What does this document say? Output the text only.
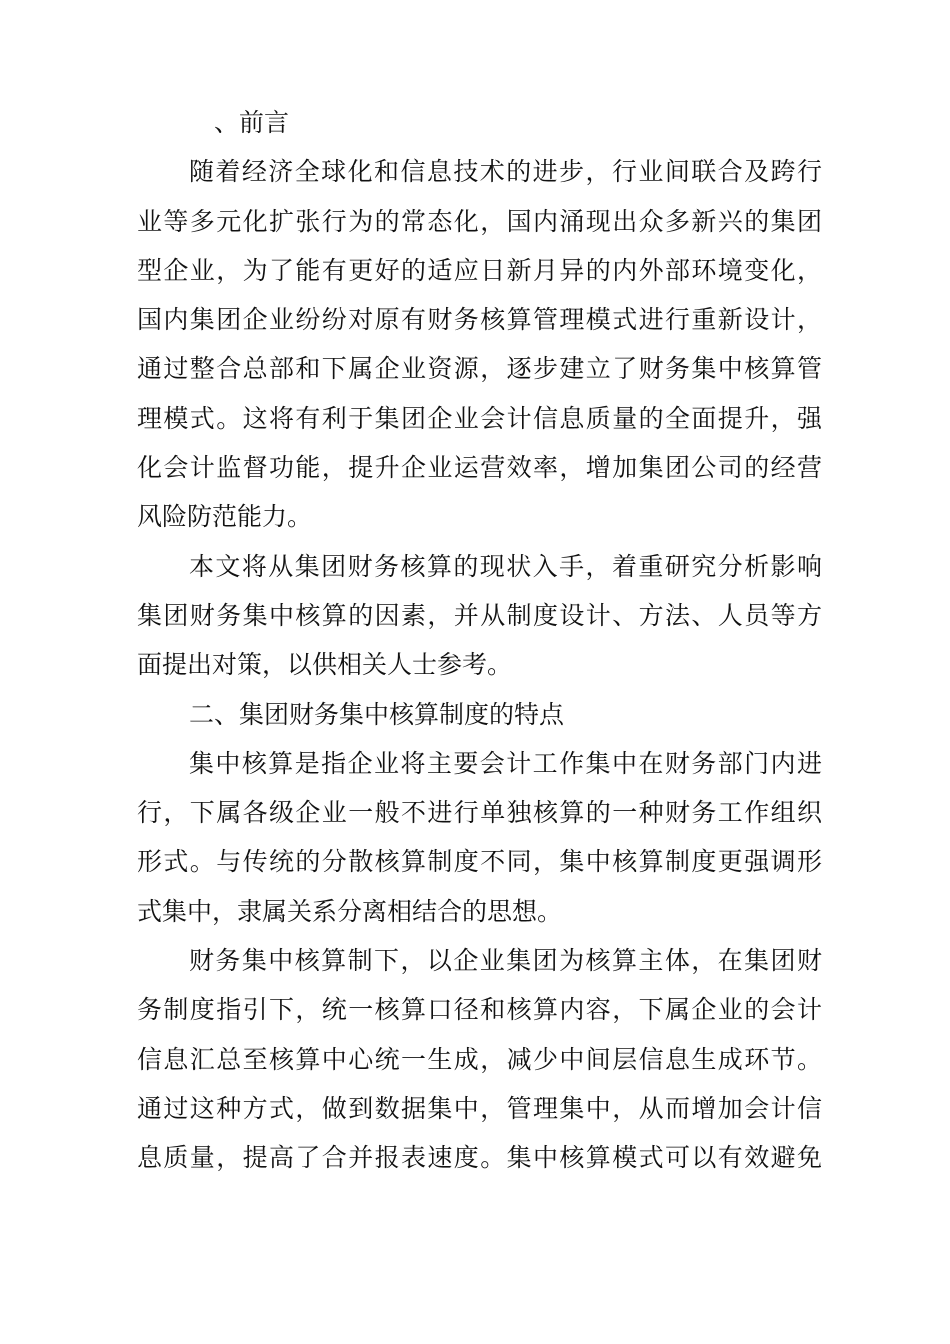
、前言
随着经济全球化和信息技术的进步，行业间联合及跨行
业等多元化扩张行为的常态化，国内涌现出众多新兴的集团
型企业，为了能有更好的适应日新月异的内外部环境变化，
国内集团企业纷纷对原有财务核算管理模式进行重新设计，
通过整合总部和下属企业资源，逐步建立了财务集中核算管
理模式。这将有利于集团企业会计信息质量的全面提升，强
化会计监督功能，提升企业运营效率，增加集团公司的经营
风险防范能力。
本文将从集团财务核算的现状入手，着重研究分析影响
集团财务集中核算的因素，并从制度设计、方法、人员等方
面提出对策，以供相关人士参考。
二、集团财务集中核算制度的特点
集中核算是指企业将主要会计工作集中在财务部门内进
行，下属各级企业一般不进行单独核算的一种财务工作组织
形式。与传统的分散核算制度不同，集中核算制度更强调形
式集中，隶属关系分离相结合的思想。
财务集中核算制下，以企业集团为核算主体，在集团财
务制度指引下，统一核算口径和核算内容，下属企业的会计
信息汇总至核算中心统一生成，减少中间层信息生成环节。
通过这种方式，做到数据集中，管理集中，从而增加会计信
息质量，提高了合并报表速度。集中核算模式可以有效避免
